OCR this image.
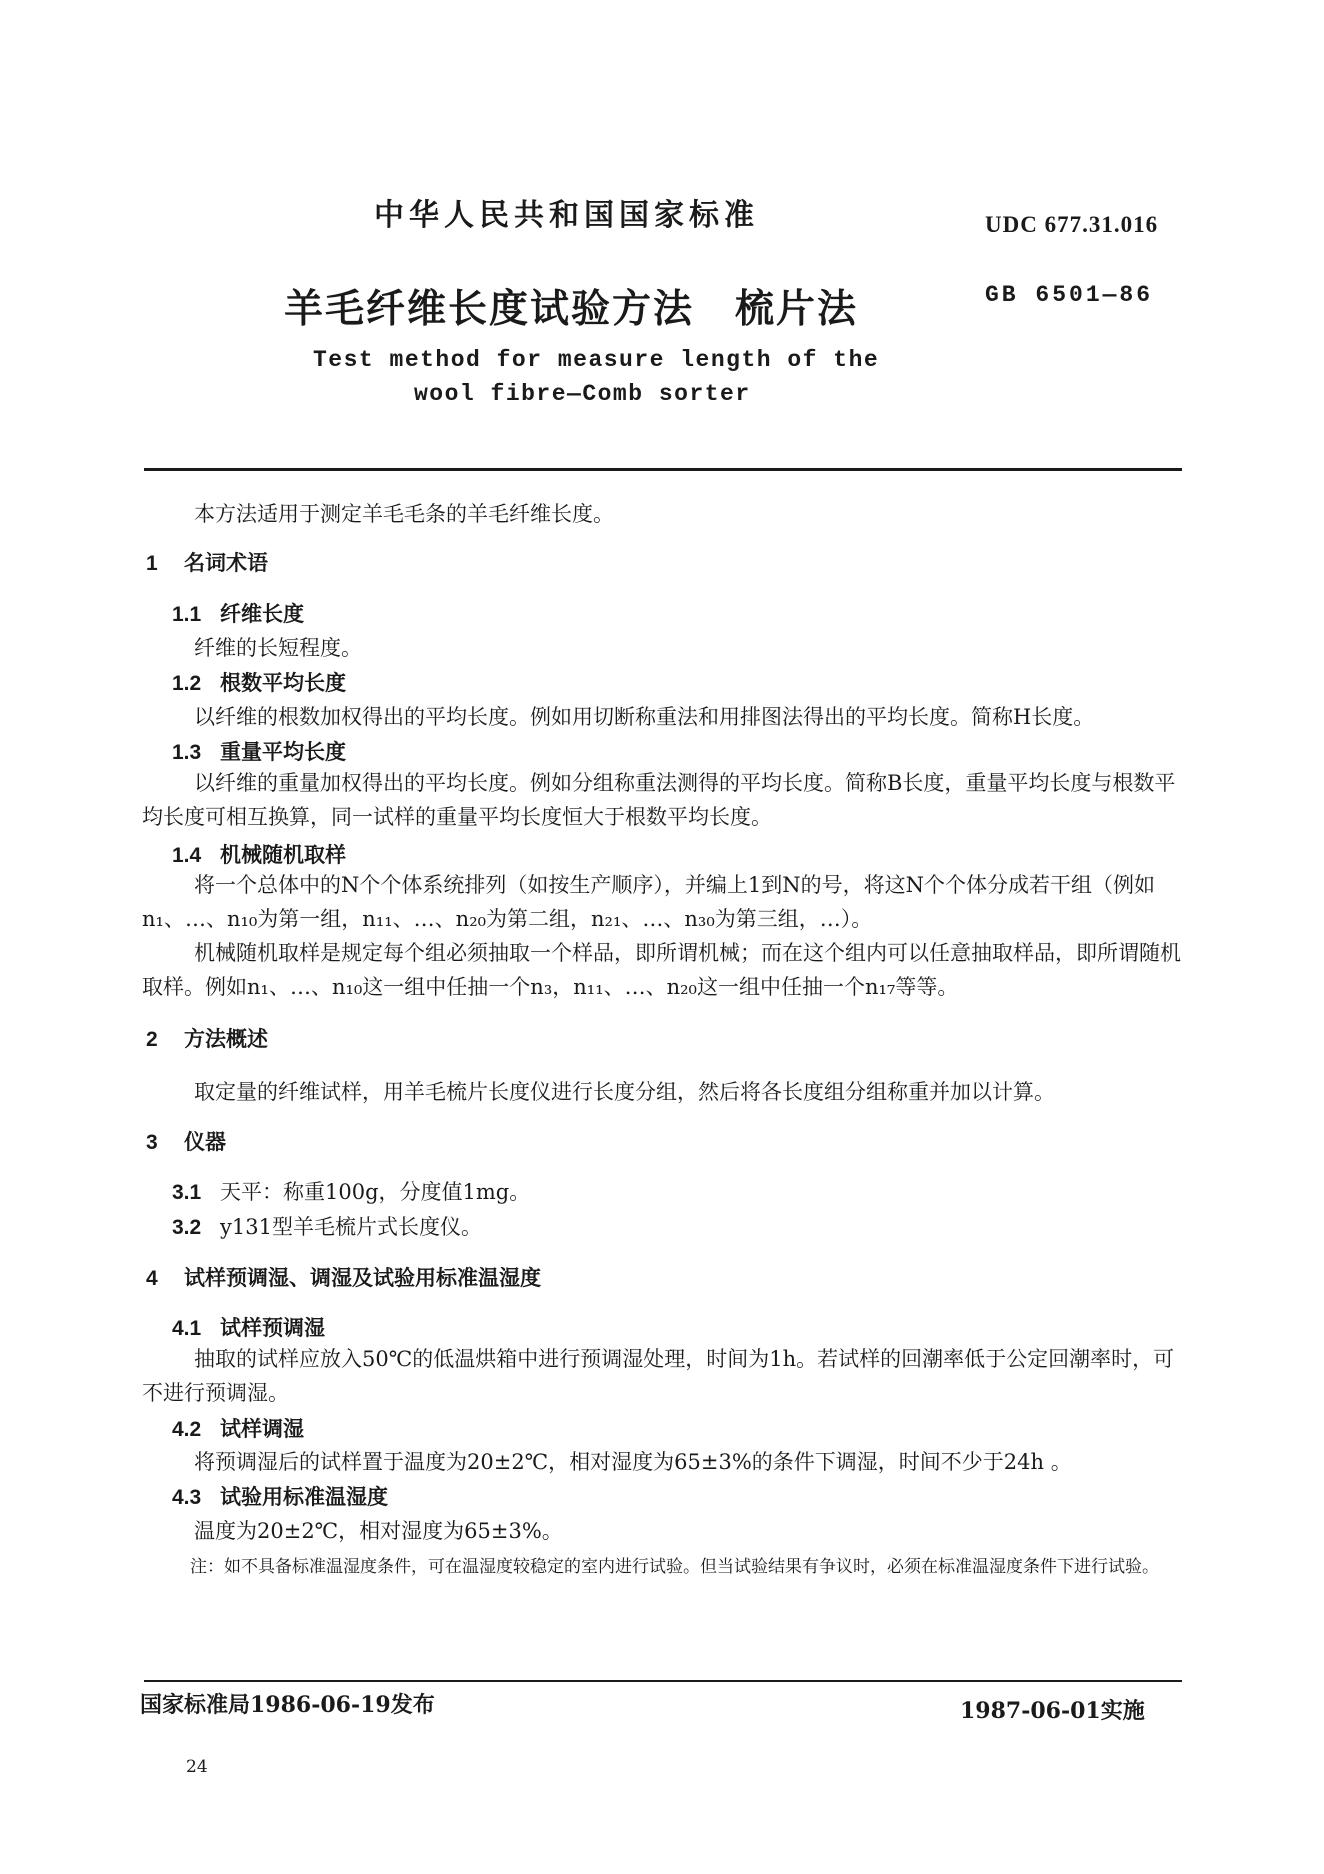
中华人民共和国国家标准	UDC 677.31.016
羊毛纤维长度试验方法　梳片法	GB 6501—86
Test method for measure length of the
wool fibre—Comb sorter
本方法适用于测定羊毛毛条的羊毛纤维长度。
1 名词术语
1.1 纤维长度
纤维的长短程度。
1.2 根数平均长度
以纤维的根数加权得出的平均长度。例如用切断称重法和用排图法得出的平均长度。简称H长度。
1.3 重量平均长度
以纤维的重量加权得出的平均长度。例如分组称重法测得的平均长度。简称B长度，重量平均长度与根数平均长度可相互换算，同一试样的重量平均长度恒大于根数平均长度。
1.4 机械随机取样
将一个总体中的N个个体系统排列（如按生产顺序），并编上1到N的号，将这N个个体分成若干组（例如n₁、…、n₁₀为第一组，n₁₁、…、n₂₀为第二组，n₂₁、…、n₃₀为第三组，…）。
机械随机取样是规定每个组必须抽取一个样品，即所谓机械；而在这个组内可以任意抽取样品，即所谓随机取样。例如n₁、…、n₁₀这一组中任抽一个n₃，n₁₁、…、n₂₀这一组中任抽一个n₁₇等等。
2 方法概述
取定量的纤维试样，用羊毛梳片长度仪进行长度分组，然后将各长度组分组称重并加以计算。
3 仪器
3.1 天平：称重100g，分度值1mg。
3.2 y131型羊毛梳片式长度仪。
4 试样预调湿、调湿及试验用标准温湿度
4.1 试样预调湿
抽取的试样应放入50℃的低温烘箱中进行预调湿处理，时间为1h。若试样的回潮率低于公定回潮率时，可不进行预调湿。
4.2 试样调湿
将预调湿后的试样置于温度为20±2℃，相对湿度为65±3%的条件下调湿，时间不少于24h 。
4.3 试验用标准温湿度
温度为20±2℃，相对湿度为65±3%。
注：如不具备标准温湿度条件，可在温湿度较稳定的室内进行试验。但当试验结果有争议时，必须在标准温湿度条件下进行试验。
国家标准局1986-06-19发布	1987-06-01实施
24
